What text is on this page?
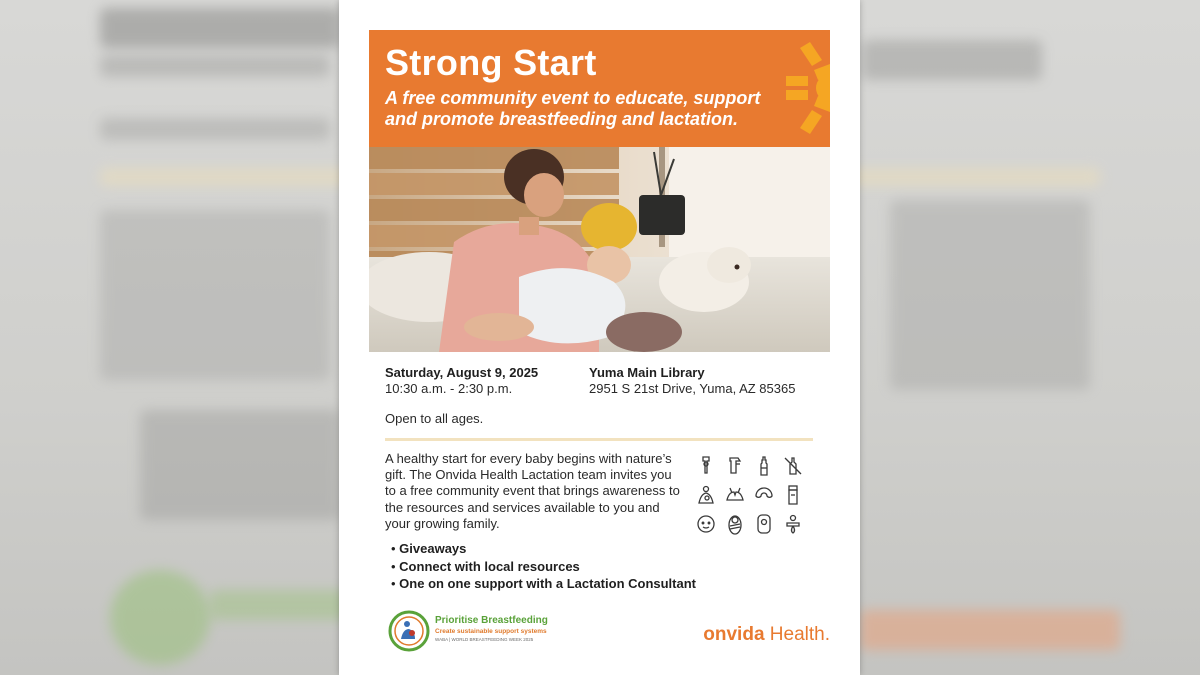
Strong Start

A free community event to educate, support and promote breastfeeding and lactation.

Saturday, August 9, 2025
10:30 a.m. - 2:30 p.m.
Yuma Main Library
2951 S 21st Drive, Yuma, AZ 85365
Open to all ages.

A healthy start for every baby begins with nature’s gift. The Onvida Health Lactation team invites you to a free community event that brings awareness to the resources and services available to you and your growing family.

• Giveaways
• Connect with local resources
• One on one support with a Lactation Consultant
Prioritise Breastfeeding
Create sustainable support systems
WABA | WORLD BREASTFEEDING WEEK 2025	onvida Health.
